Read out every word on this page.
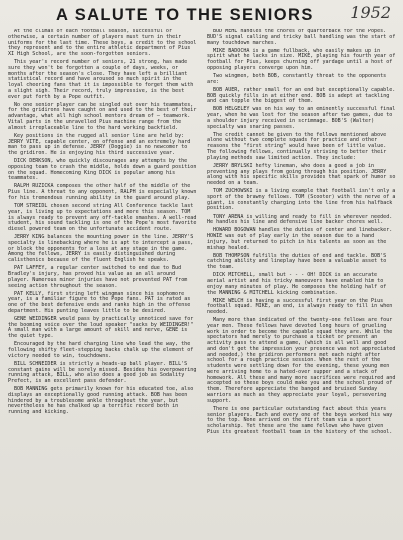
A SALUTE TO THE SENIORS 1952

At the climax of each football season, successful or otherwise, a certain number of players must turn in their uniforms for the last time. These boys, a credit to the school they represent and to the entire athletic department of Pius XI High School, are the soon-forgotten seniors.

This year's record number of seniors, 21 strong, has made sure they won't be forgotten a couple of days, weeks, or months after the season's close. They have left a brilliant statistical record and have aroused so much spirit in the loyal cheering fans that it is impossible to forget them with a slight sigh. Their record, truly impressive, is the best ever put forth by a Pope outfit.

No one senior player can be singled out over his teammates, for the gridirons have caught on and used to the best of their advantage, what all high school mentors dream of — teamwork. Vital parts in the unravelled Pius machine range from the almost irreplaceable line to the hard working backfield.

Key positions in the rugged all senior line are held by: JERRY VITE, capable center, on offense and an extremely hard man to pass up in defense. JERRY (Doggie) is no newcomer to the gridiron. He is enjoying his third successive year.

DICK DERKSON, who quickly discourages any attempts by the opposing team to crash the middle, holds down a guard position on the squad. Homecoming King DICK is popular among his teammates.

RALPH RUZICKA composes the other half of the middle of the Pius line. A threat to any opponent, RALPH is especially known for his tremendous running ability in the guard around play.

TOM STREIDL chosen second string All Conference tackle last year, is living up to expectations and more this season. TOM is always ready to prevent any off-tackle smashes. A well-read student, his sound tackling is one of the Pope's most favorite diesel powered team on the unfortunate accident route.

JERRY KING balances the mounting power in the line. JERRY'S specialty is linebacking where he is apt to intercept a pass, or block the opponents for a loss at any stage in the game. Among the fellows, JERRY is easily distinguished during calisthenics because of the fluent English he speaks.

PAT LAFFEY, a regular center switched to end due to Bud Bradley's injury, has proved his value as an all around player. Numerous minor injuries have not prevented PAT from seeing action throughout the season.

PAT KELLY, first string left wingman since his sophomore year, is a familiar figure to the Pope fans. PAT is rated as one of the best defensive ends and ranks high in the offense department. His punting leaves little to be desired.

GENE WEIDINGER would pass by practically unnoticed save for the booming voice over the loud speaker "sacks by WEIDINGER!" A small man with a large amount of skill and nerve, GENE is the quiet type.

Encouraged by the hard charging line who lead the way, the following shifty fleet-stepping backs chalk up the element of victory needed to win, touchdowns.

BILL SCHNEIDER is strictly a heads-up ball player. BILL'S constant gains will be sorely missed. Besides his overpowering running attack, BILL, who also does a good job as Sodality Prefect, is an excellent pass defender.

BOB MANNING gets primarily known for his educated toe, also displays an exceptionally good running attack. BOB has been hindered by a troublesome ankle throughout the year, but nevertheless he has chalked up a terrific record both in running and kicking.

BUD MEHL handles the chores of quarterback for the Popes. BUD'S signal calling and tricky ball handling was the start of many touchdown marches.

MIKE BADOCHA is a game fullback, who easily makes up in spirit what he lacks in size. MIKE, playing his fourth year of football for Pius, keeps churning off yardage until a host of opposing players converge upon him.

Two wingmen, both BOB, constantly threat to the opponents are:

BOB AUER, rather small for an end but exceptionally capable. BOB quickly fills in at either end. BOB is adept at tackling and can topple the biggest of them.

BOB HELGELEY was on his way to an eminently successful final year, when he was lost for the season after two games, due to a shoulder injury received in scrimmage. BOB'S (Walter) specialty was snaring passes.

The credit cannot be given to the fellows mentioned above alone without two complete squads for practice and other reasons the "first string" would have been of little value. The following fellows, continually striving to better their playing methods saw limited action. They include:

JERRY BRYLSKI hefty lineman, who does a good a job in preventing any plays from going through his position. JERRY along with his specific skills provides that spark of humor so needed on a team.

TOM ZUCHOWSKI is a living example that football isn't only a sport of the brawny fellows. TOM (Scooter) with the nerve of a giant, is constantly charging into the line from his halfback position.

TONY ARENA is willing and ready to fill in wherever needed. He handles his line and defensive line backer chores well.

HOWARD BOGOWAN handles the duties of center and linebacker. HOWIE was out of play early in the season due to a hand injury, but returned to pitch in his talents as soon as the mishap healed.

BOB THOMPSON fulfills the duties of end and tackle. BOB'S catching ability and lineplay have been a valuable asset to the team.

DICK MITCHELL, small but - - - OH! DICK is an accurate aerial artist and his tricky maneuvers have enabled him to enjoy many minutes of play. He composes the holding half of the MANNING & MITCHELL kicking combination.

MIKE WELCH is having a successful first year on the Pius football squad. MIKE, an end, is always ready to fill in when needed.

Many more than indicated of the twenty-one fellows are four year men. These fellows have devoted long hours of grueling work in order to become the capable squad they are. While the spectators had merely to purchase a ticket or present an activity pass to attend a game, (which is all well and good and don't get the impression your presence was not appreciated and needed,) the gridiron performers met each night after school for a rough practice session. When the rest of the students were settling down for the evening, these young men were arriving home to a hated-over supper and a stack of homework. All these and many more sacrifices were required and accepted so these boys could make you and the school proud of them. Therefore appreciate the banged and bruised Sunday warriors as much as they appreciate your loyal, persevering support.

There is one particular outstanding fact about this years senior players. Each and every one of the boys worked his way to the top. None arrived on the first team via a sport scholarship. Yet these are the same fellows who have given Pius its greatest football team in the history of the school.
